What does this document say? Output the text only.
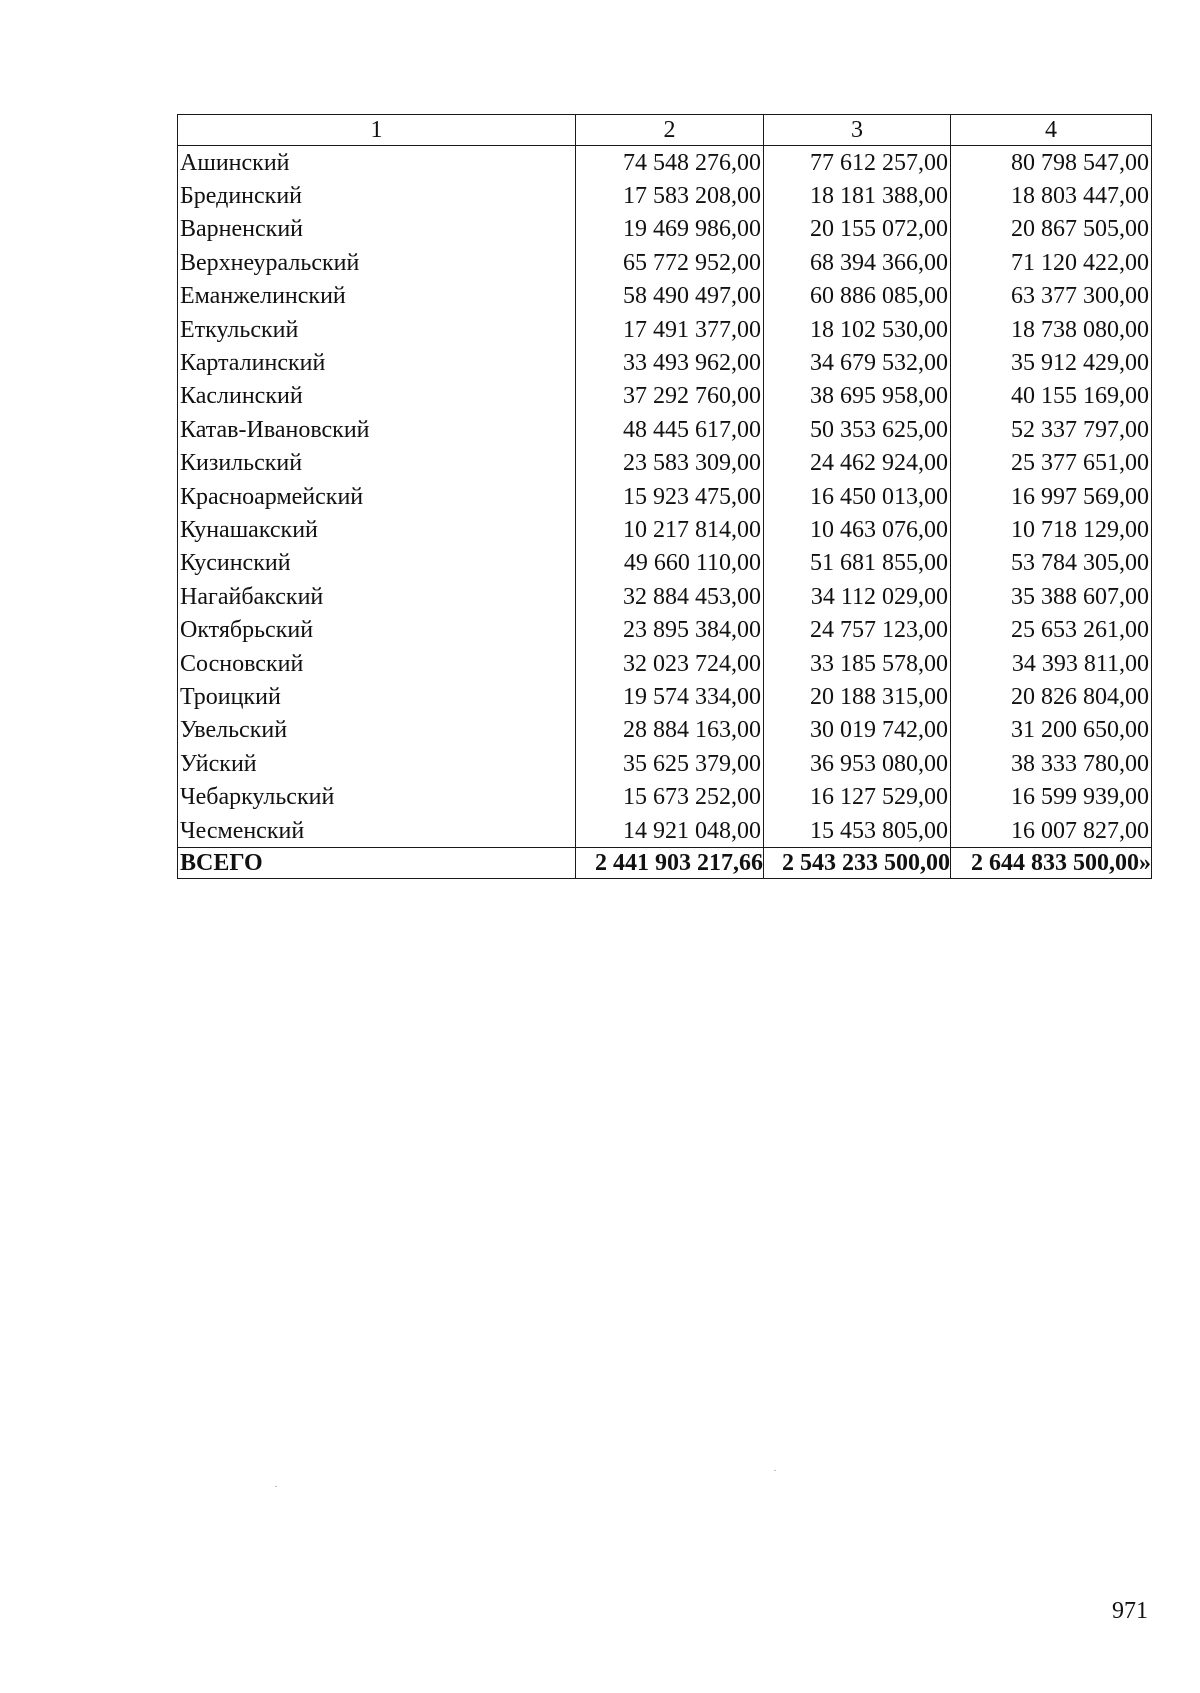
1	2	3	4
Ашинский	74 548 276,00	77 612 257,00	80 798 547,00
Брединский	17 583 208,00	18 181 388,00	18 803 447,00
Варненский	19 469 986,00	20 155 072,00	20 867 505,00
Верхнеуральский	65 772 952,00	68 394 366,00	71 120 422,00
Еманжелинский	58 490 497,00	60 886 085,00	63 377 300,00
Еткульский	17 491 377,00	18 102 530,00	18 738 080,00
Карталинский	33 493 962,00	34 679 532,00	35 912 429,00
Каслинский	37 292 760,00	38 695 958,00	40 155 169,00
Катав-Ивановский	48 445 617,00	50 353 625,00	52 337 797,00
Кизильский	23 583 309,00	24 462 924,00	25 377 651,00
Красноармейский	15 923 475,00	16 450 013,00	16 997 569,00
Кунашакский	10 217 814,00	10 463 076,00	10 718 129,00
Кусинский	49 660 110,00	51 681 855,00	53 784 305,00
Нагайбакский	32 884 453,00	34 112 029,00	35 388 607,00
Октябрьский	23 895 384,00	24 757 123,00	25 653 261,00
Сосновский	32 023 724,00	33 185 578,00	34 393 811,00
Троицкий	19 574 334,00	20 188 315,00	20 826 804,00
Увельский	28 884 163,00	30 019 742,00	31 200 650,00
Уйский	35 625 379,00	36 953 080,00	38 333 780,00
Чебаркульский	15 673 252,00	16 127 529,00	16 599 939,00
Чесменский	14 921 048,00	15 453 805,00	16 007 827,00
ВСЕГО	2 441 903 217,66	2 543 233 500,00	2 644 833 500,00»
971
